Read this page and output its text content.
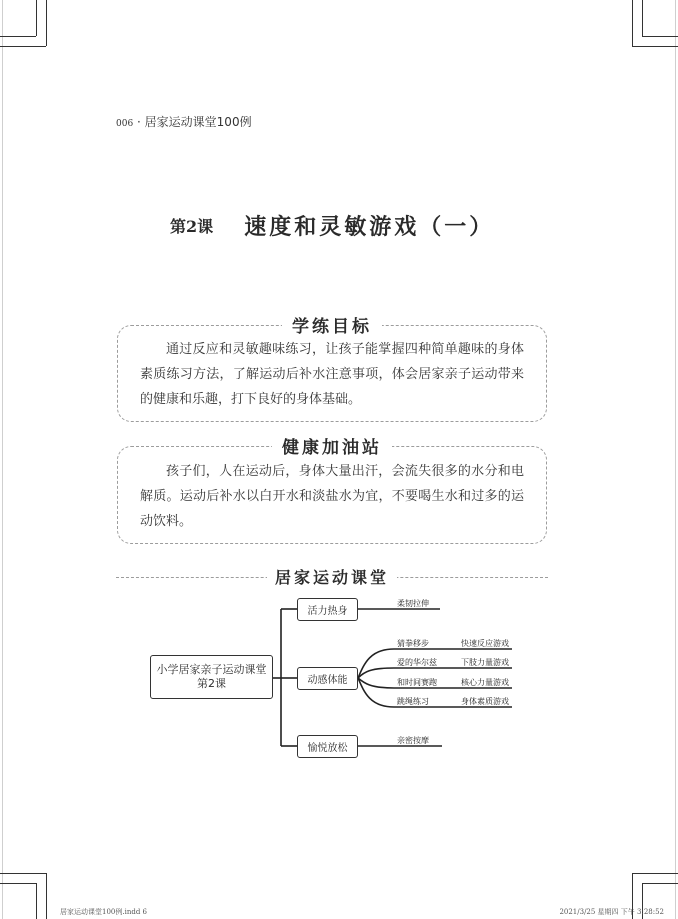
006 · 居家运动课堂100例
第2课 速度和灵敏游戏（一）
学练目标

通过反应和灵敏趣味练习，让孩子能掌握四种简单趣味的身体素质练习方法，了解运动后补水注意事项，体会居家亲子运动带来的健康和乐趣，打下良好的身体基础。

健康加油站

孩子们，人在运动后，身体大量出汗，会流失很多的水分和电解质。运动后补水以白开水和淡盐水为宜，不要喝生水和过多的运动饮料。

居家运动课堂
小学居家亲子运动课堂
第2课
活力热身
动感体能
愉悦放松
柔韧拉伸
亲密按摩
猜拳移步	快速反应游戏
爱的华尔兹	下肢力量游戏
和时间赛跑	核心力量游戏
跳绳练习	身体素质游戏
居家运动课堂100例.indd 6	2021/3/25 星期四 下午 3:28:52
